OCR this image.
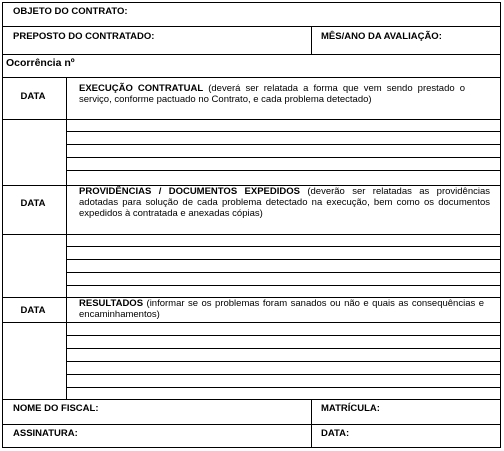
OBJETO DO CONTRATO:
PREPOSTO DO CONTRATADO:	MÊS/ANO DA AVALIAÇÃO:
Ocorrência nº
DATA
EXECUÇÃO CONTRATUAL (deverá ser relatada a forma que vem sendo prestado o serviço, conforme pactuado no Contrato, e cada problema detectado)
DATA
PROVIDÊNCIAS / DOCUMENTOS EXPEDIDOS (deverão ser relatadas as providências adotadas para solução de cada problema detectado na execução, bem como os documentos expedidos à contratada e anexadas cópias)
DATA
RESULTADOS (informar se os problemas foram sanados ou não e quais as consequências e encaminhamentos)
NOME DO FISCAL:	MATRÍCULA:
ASSINATURA:	DATA:
